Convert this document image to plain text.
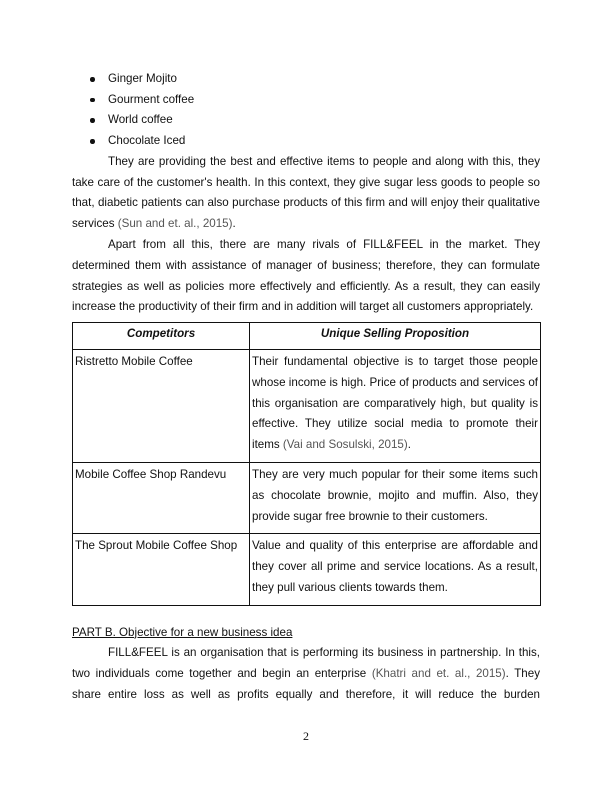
Ginger Mojito
Gourment coffee
World coffee
Chocolate Iced

They are providing the best and effective items to people and along with this, they take care of the customer's health. In this context, they give sugar less goods to people so that, diabetic patients can also purchase products of this firm and will enjoy their qualitative services (Sun and et. al., 2015).

Apart from all this, there are many rivals of FILL&FEEL in the market. They determined them with assistance of manager of business; therefore, they can formulate strategies as well as policies more effectively and efficiently. As a result, they can easily increase the productivity of their firm and in addition will target all customers appropriately.

Competitors	Unique Selling Proposition
Ristretto Mobile Coffee	Their fundamental objective is to target those people whose income is high. Price of products and services of this organisation are comparatively high, but quality is effective. They utilize social media to promote their items (Vai and Sosulski, 2015).
Mobile Coffee Shop Randevu	They are very much popular for their some items such as chocolate brownie, mojito and muffin. Also, they provide sugar free brownie to their customers.
The Sprout Mobile Coffee Shop	Value and quality of this enterprise are affordable and they cover all prime and service locations. As a result, they pull various clients towards them.
PART B. Objective for a new business idea

FILL&FEEL is an organisation that is performing its business in partnership. In this, two individuals come together and begin an enterprise (Khatri and et. al., 2015). They share entire loss as well as profits equally and therefore, it will reduce the burden

2
